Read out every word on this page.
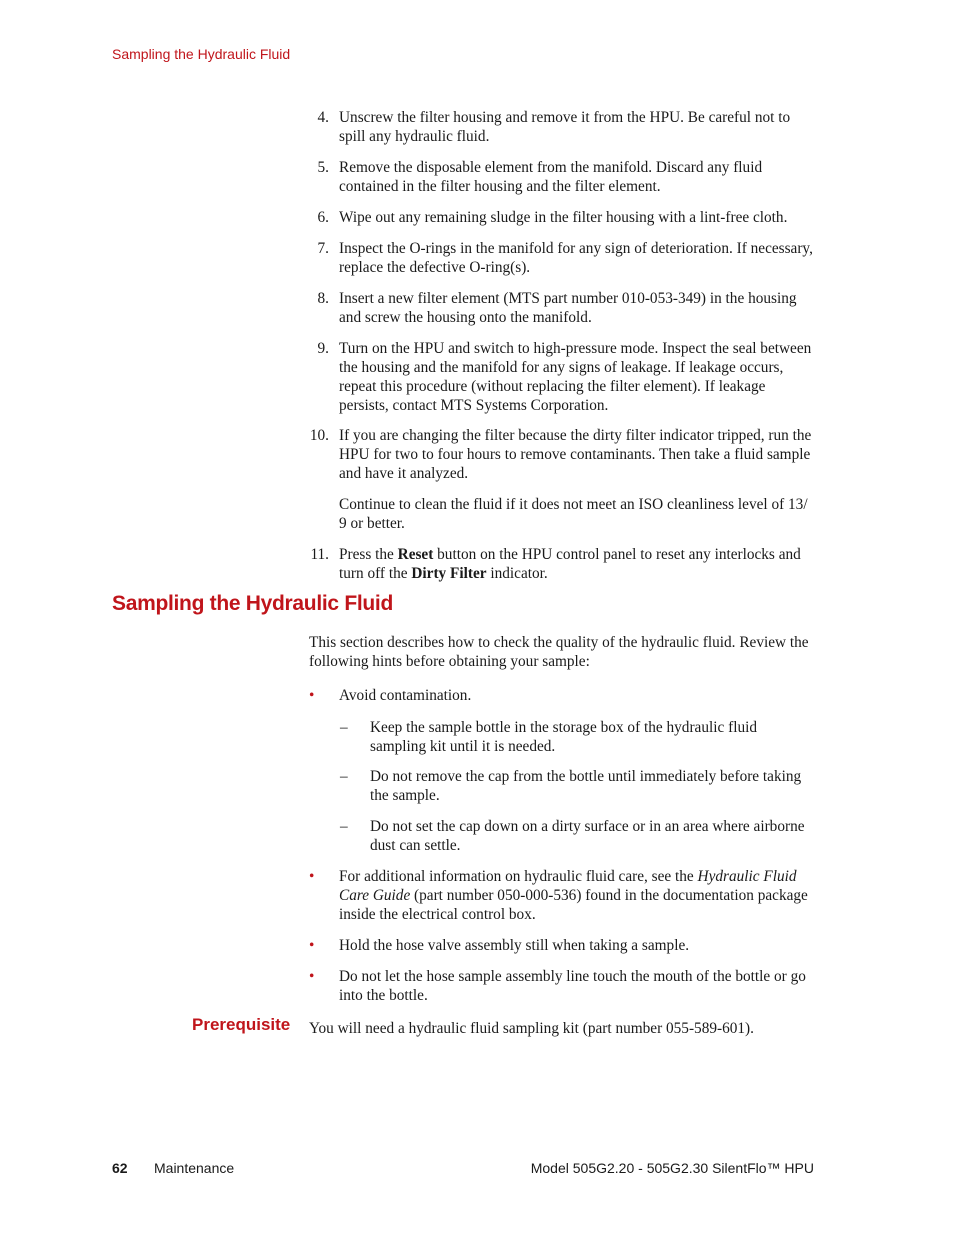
Sampling the Hydraulic Fluid
4. Unscrew the filter housing and remove it from the HPU. Be careful not to spill any hydraulic fluid.
5. Remove the disposable element from the manifold. Discard any fluid contained in the filter housing and the filter element.
6. Wipe out any remaining sludge in the filter housing with a lint-free cloth.
7. Inspect the O-rings in the manifold for any sign of deterioration. If necessary, replace the defective O-ring(s).
8. Insert a new filter element (MTS part number 010-053-349) in the housing and screw the housing onto the manifold.
9. Turn on the HPU and switch to high-pressure mode. Inspect the seal between the housing and the manifold for any signs of leakage. If leakage occurs, repeat this procedure (without replacing the filter element). If leakage persists, contact MTS Systems Corporation.
10. If you are changing the filter because the dirty filter indicator tripped, run the HPU for two to four hours to remove contaminants. Then take a fluid sample and have it analyzed.
Continue to clean the fluid if it does not meet an ISO cleanliness level of 13/ 9 or better.
11. Press the Reset button on the HPU control panel to reset any interlocks and turn off the Dirty Filter indicator.
Sampling the Hydraulic Fluid
This section describes how to check the quality of the hydraulic fluid. Review the following hints before obtaining your sample:
• Avoid contamination.
– Keep the sample bottle in the storage box of the hydraulic fluid sampling kit until it is needed.
– Do not remove the cap from the bottle until immediately before taking the sample.
– Do not set the cap down on a dirty surface or in an area where airborne dust can settle.
• For additional information on hydraulic fluid care, see the Hydraulic Fluid Care Guide (part number 050-000-536) found in the documentation package inside the electrical control box.
• Hold the hose valve assembly still when taking a sample.
• Do not let the hose sample assembly line touch the mouth of the bottle or go into the bottle.
Prerequisite You will need a hydraulic fluid sampling kit (part number 055-589-601).
62 Maintenance	Model 505G2.20 - 505G2.30 SilentFlo™ HPU
